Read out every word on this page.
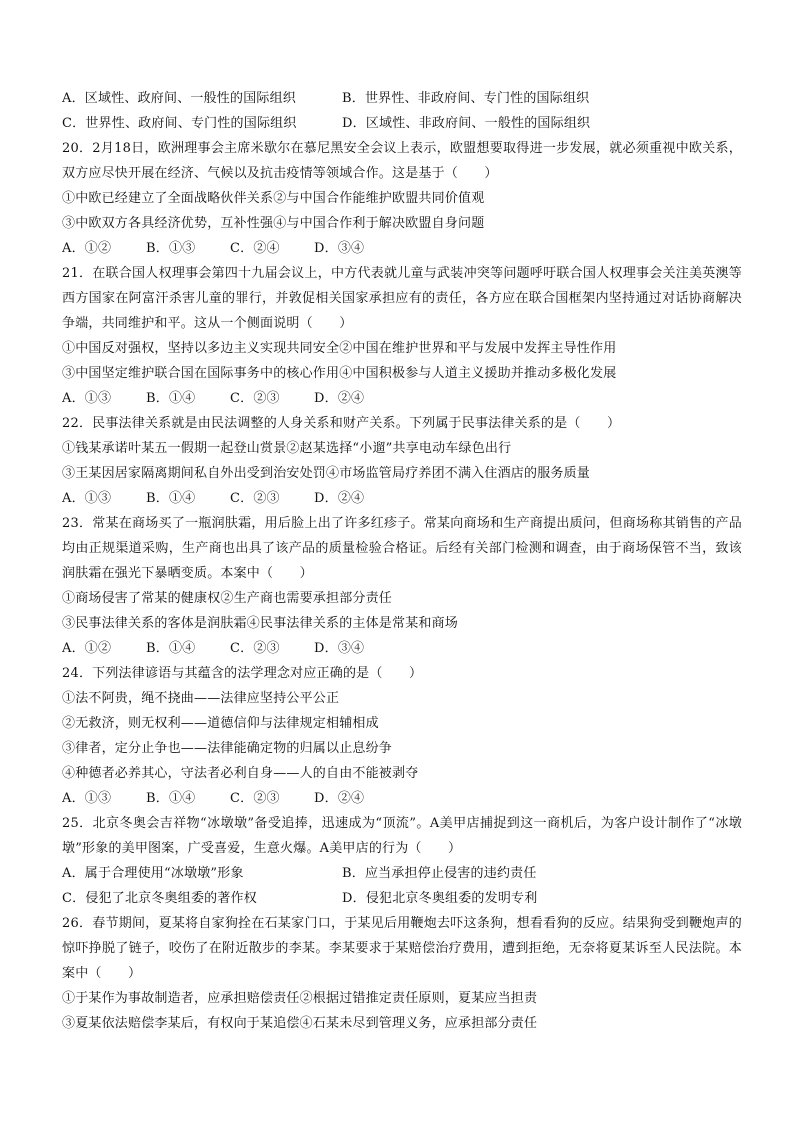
A．区域性、政府间、一般性的国际组织	B．世界性、非政府间、专门性的国际组织
C．世界性、政府间、专门性的国际组织	D．区域性、非政府间、一般性的国际组织
20．2月18日，欧洲理事会主席米歇尔在慕尼黑安全会议上表示，欧盟想要取得进一步发展，就必须重视中欧关系，双方应尽快开展在经济、气候以及抗击疫情等领域合作。这是基于（　　）
①中欧已经建立了全面战略伙伴关系②与中国合作能维护欧盟共同价值观
③中欧双方各具经济优势，互补性强④与中国合作利于解决欧盟自身问题
A．①②	B．①③	C．②④	D．③④
21．在联合国人权理事会第四十九届会议上，中方代表就儿童与武装冲突等问题呼吁联合国人权理事会关注美英澳等西方国家在阿富汗杀害儿童的罪行，并敦促相关国家承担应有的责任，各方应在联合国框架内坚持通过对话协商解决争端，共同维护和平。这从一个侧面说明（　　）
①中国反对强权，坚持以多边主义实现共同安全②中国在维护世界和平与发展中发挥主导性作用
③中国坚定维护联合国在国际事务中的核心作用④中国积极参与人道主义援助并推动多极化发展
A．①③	B．①④	C．②③	D．②④
22．民事法律关系就是由民法调整的人身关系和财产关系。下列属于民事法律关系的是（　　）
①钱某承诺叶某五一假期一起登山赏景②赵某选择“小遛”共享电动车绿色出行
③王某因居家隔离期间私自外出受到治安处罚④市场监管局疗养团不满入住酒店的服务质量
A．①③	B．①④	C．②③	D．②④
23．常某在商场买了一瓶润肤霜，用后脸上出了许多红疹子。常某向商场和生产商提出质问，但商场称其销售的产品均由正规渠道采购，生产商也出具了该产品的质量检验合格证。后经有关部门检测和调查，由于商场保管不当，致该润肤霜在强光下暴晒变质。本案中（　　）
①商场侵害了常某的健康权②生产商也需要承担部分责任
③民事法律关系的客体是润肤霜④民事法律关系的主体是常某和商场
A．①②	B．①④	C．②③	D．③④
24．下列法律谚语与其蕴含的法学理念对应正确的是（　　）
①法不阿贵，绳不挠曲——法律应坚持公平公正
②无救济，则无权利——道德信仰与法律规定相辅相成
③律者，定分止争也——法律能确定物的归属以止息纷争
④种德者必养其心，守法者必利自身——人的自由不能被剥夺
A．①③	B．①④	C．②③	D．②④
25．北京冬奥会吉祥物“冰墩墩”备受追捧，迅速成为“顶流”。A美甲店捕捉到这一商机后，为客户设计制作了“冰墩墩”形象的美甲图案，广受喜爱，生意火爆。A美甲店的行为（　　）
A．属于合理使用“冰墩墩”形象	B．应当承担停止侵害的违约责任
C．侵犯了北京冬奥组委的著作权	D．侵犯北京冬奥组委的发明专利
26．春节期间，夏某将自家狗拴在石某家门口，于某见后用鞭炮去吓这条狗，想看看狗的反应。结果狗受到鞭炮声的惊吓挣脱了链子，咬伤了在附近散步的李某。李某要求于某赔偿治疗费用，遭到拒绝，无奈将夏某诉至人民法院。本案中（　　）
①于某作为事故制造者，应承担赔偿责任②根据过错推定责任原则，夏某应当担责
③夏某依法赔偿李某后，有权向于某追偿④石某未尽到管理义务，应承担部分责任
